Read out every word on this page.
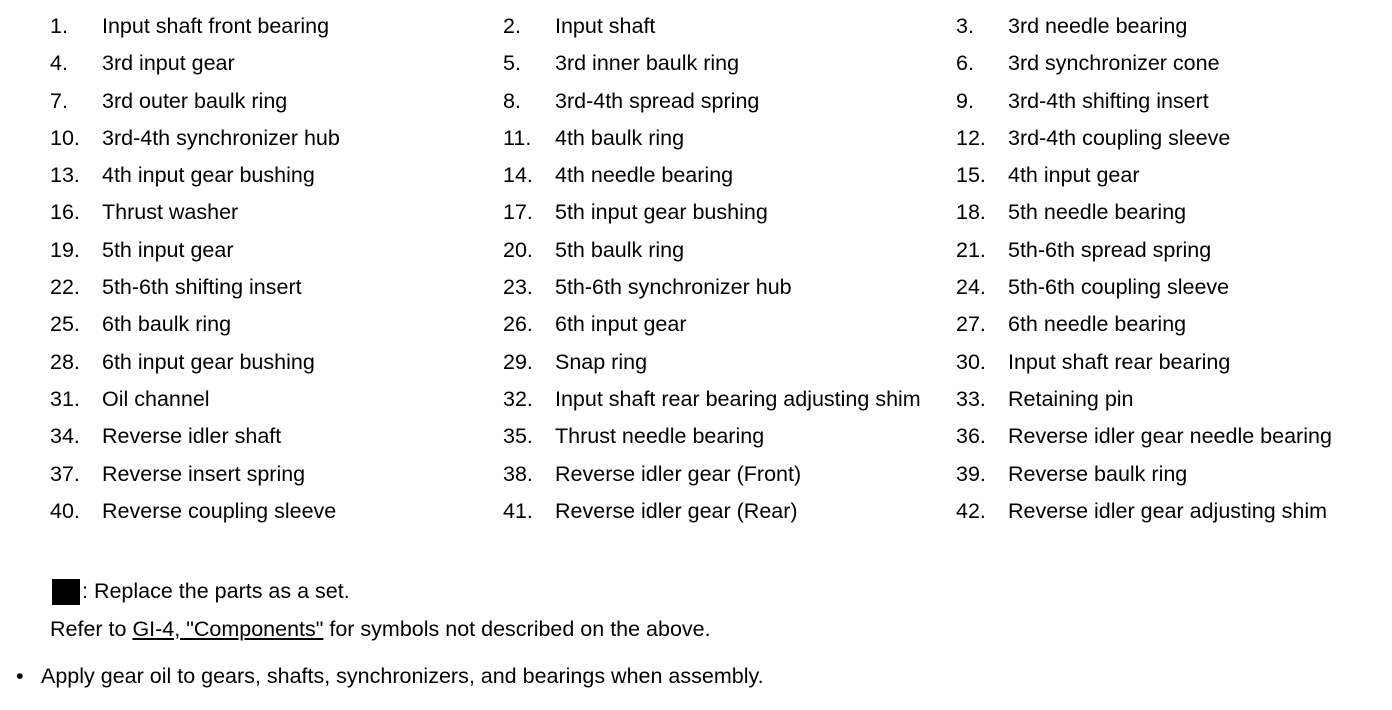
1.	Input shaft front bearing	2.	Input shaft	3.	3rd needle bearing
4.	3rd input gear	5.	3rd inner baulk ring	6.	3rd synchronizer cone
7.	3rd outer baulk ring	8.	3rd-4th spread spring	9.	3rd-4th shifting insert
10.	3rd-4th synchronizer hub	11.	4th baulk ring	12.	3rd-4th coupling sleeve
13.	4th input gear bushing	14.	4th needle bearing	15.	4th input gear
16.	Thrust washer	17.	5th input gear bushing	18.	5th needle bearing
19.	5th input gear	20.	5th baulk ring	21.	5th-6th spread spring
22.	5th-6th shifting insert	23.	5th-6th synchronizer hub	24.	5th-6th coupling sleeve
25.	6th baulk ring	26.	6th input gear	27.	6th needle bearing
28.	6th input gear bushing	29.	Snap ring	30.	Input shaft rear bearing
31.	Oil channel	32.	Input shaft rear bearing adjusting shim	33.	Retaining pin
34.	Reverse idler shaft	35.	Thrust needle bearing	36.	Reverse idler gear needle bearing
37.	Reverse insert spring	38.	Reverse idler gear (Front)	39.	Reverse baulk ring
40.	Reverse coupling sleeve	41.	Reverse idler gear (Rear)	42.	Reverse idler gear adjusting shim
: Replace the parts as a set.
Refer to GI-4, "Components" for symbols not described on the above.
• Apply gear oil to gears, shafts, synchronizers, and bearings when assembly.
